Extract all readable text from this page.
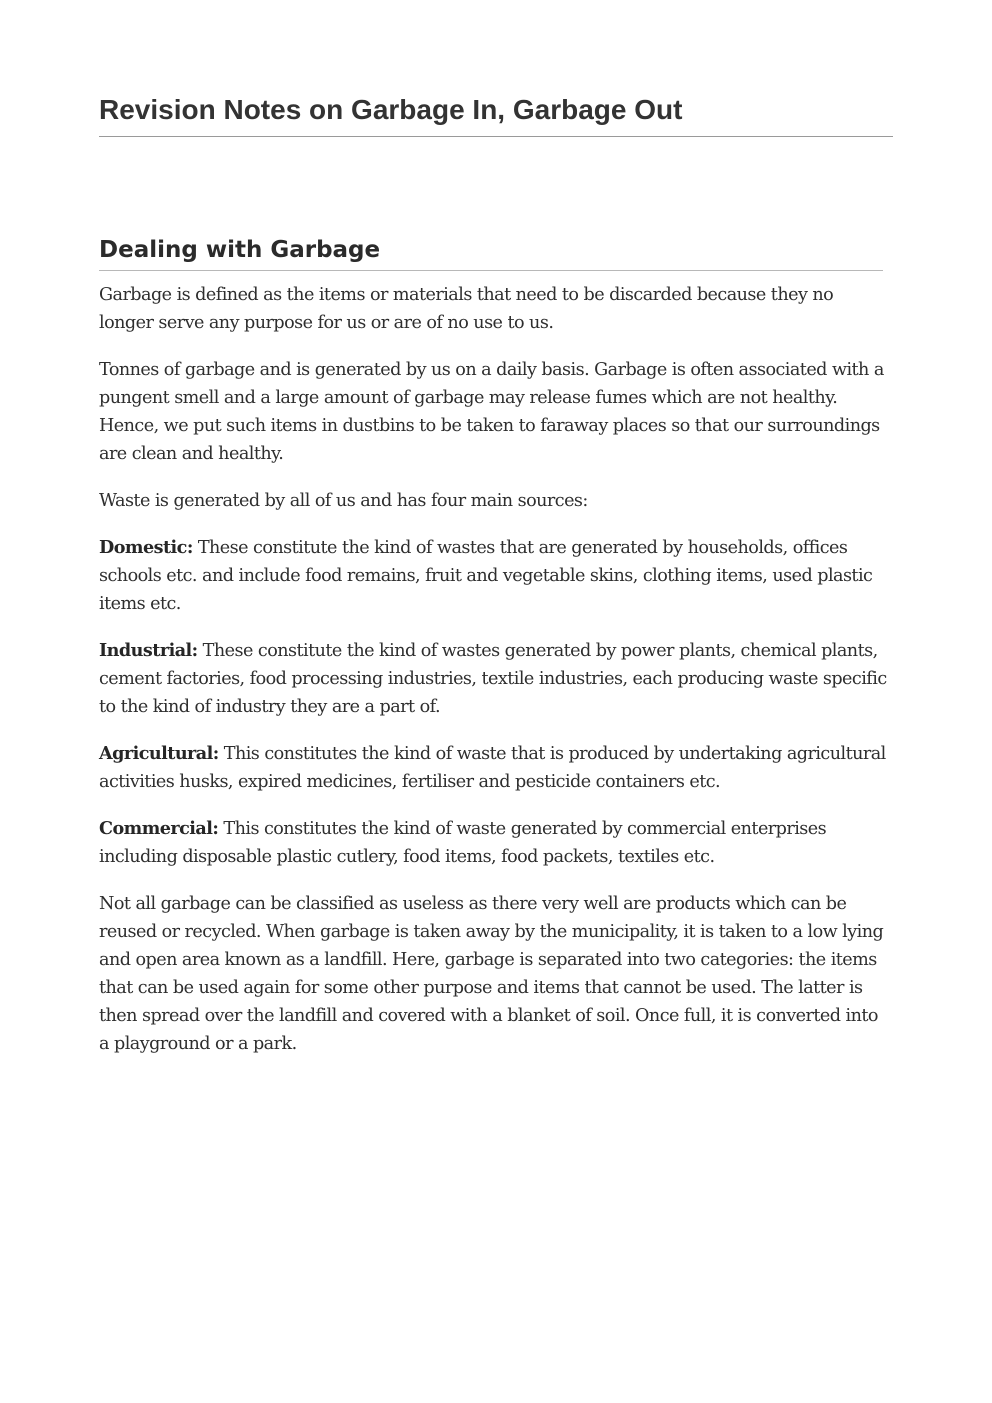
Revision Notes on Garbage In, Garbage Out
Dealing with Garbage

Garbage is defined as the items or materials that need to be discarded because they no longer serve any purpose for us or are of no use to us.

Tonnes of garbage and is generated by us on a daily basis. Garbage is often associated with a pungent smell and a large amount of garbage may release fumes which are not healthy. Hence, we put such items in dustbins to be taken to faraway places so that our surroundings are clean and healthy.

Waste is generated by all of us and has four main sources:

Domestic: These constitute the kind of wastes that are generated by households, offices schools etc. and include food remains, fruit and vegetable skins, clothing items, used plastic items etc.

Industrial: These constitute the kind of wastes generated by power plants, chemical plants, cement factories, food processing industries, textile industries, each producing waste specific to the kind of industry they are a part of.

Agricultural: This constitutes the kind of waste that is produced by undertaking agricultural activities husks, expired medicines, fertiliser and pesticide containers etc.

Commercial: This constitutes the kind of waste generated by commercial enterprises including disposable plastic cutlery, food items, food packets, textiles etc.

Not all garbage can be classified as useless as there very well are products which can be reused or recycled. When garbage is taken away by the municipality, it is taken to a low lying and open area known as a landfill. Here, garbage is separated into two categories: the items that can be used again for some other purpose and items that cannot be used. The latter is then spread over the landfill and covered with a blanket of soil. Once full, it is converted into a playground or a park.
